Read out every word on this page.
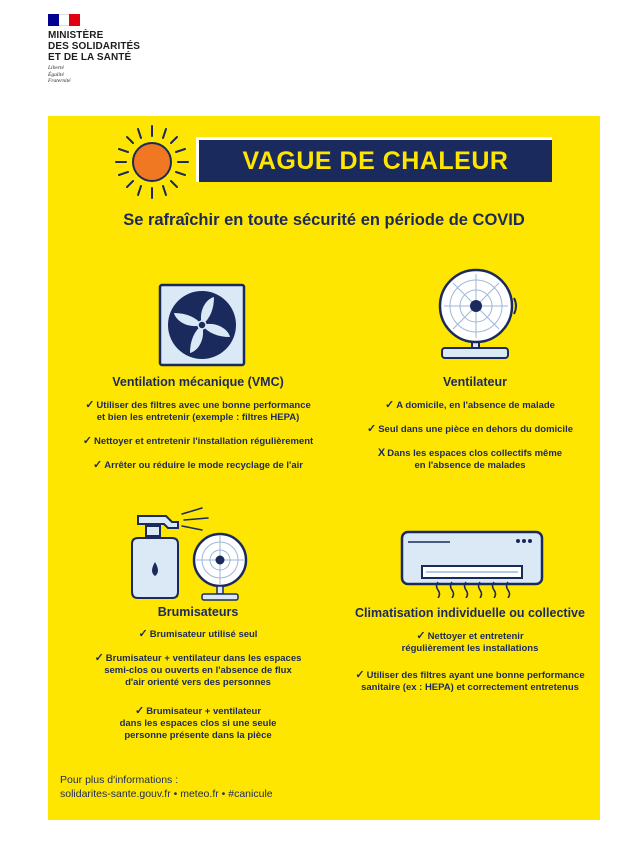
MINISTÈRE
DES SOLIDARITÉS
ET DE LA SANTÉ
Liberté
Égalité
Fraternité
VAGUE DE CHALEUR
Se rafraîchir en toute sécurité en période de COVID
Ventilation mécanique (VMC)
✓ Utiliser des filtres avec une bonne performance
et bien les entretenir (exemple : filtres HEPA)
✓ Nettoyer et entretenir l'installation régulièrement
✓ Arrêter ou réduire le mode recyclage de l'air
Ventilateur
✓ A domicile, en l'absence de malade
✓ Seul dans une pièce en dehors du domicile
X Dans les espaces clos collectifs même
en l'absence de malades
Brumisateurs
✓ Brumisateur utilisé seul
✓ Brumisateur + ventilateur dans les espaces
semi-clos ou ouverts en l'absence de flux
d'air orienté vers des personnes
✓ Brumisateur + ventilateur
dans les espaces clos si une seule
personne présente dans la pièce
Climatisation individuelle ou collective
✓ Nettoyer et entretenir
régulièrement les installations
✓ Utiliser des filtres ayant une bonne performance
sanitaire (ex : HEPA) et correctement entretenus
Pour plus d'informations :
solidarites-sante.gouv.fr • meteo.fr • #canicule
